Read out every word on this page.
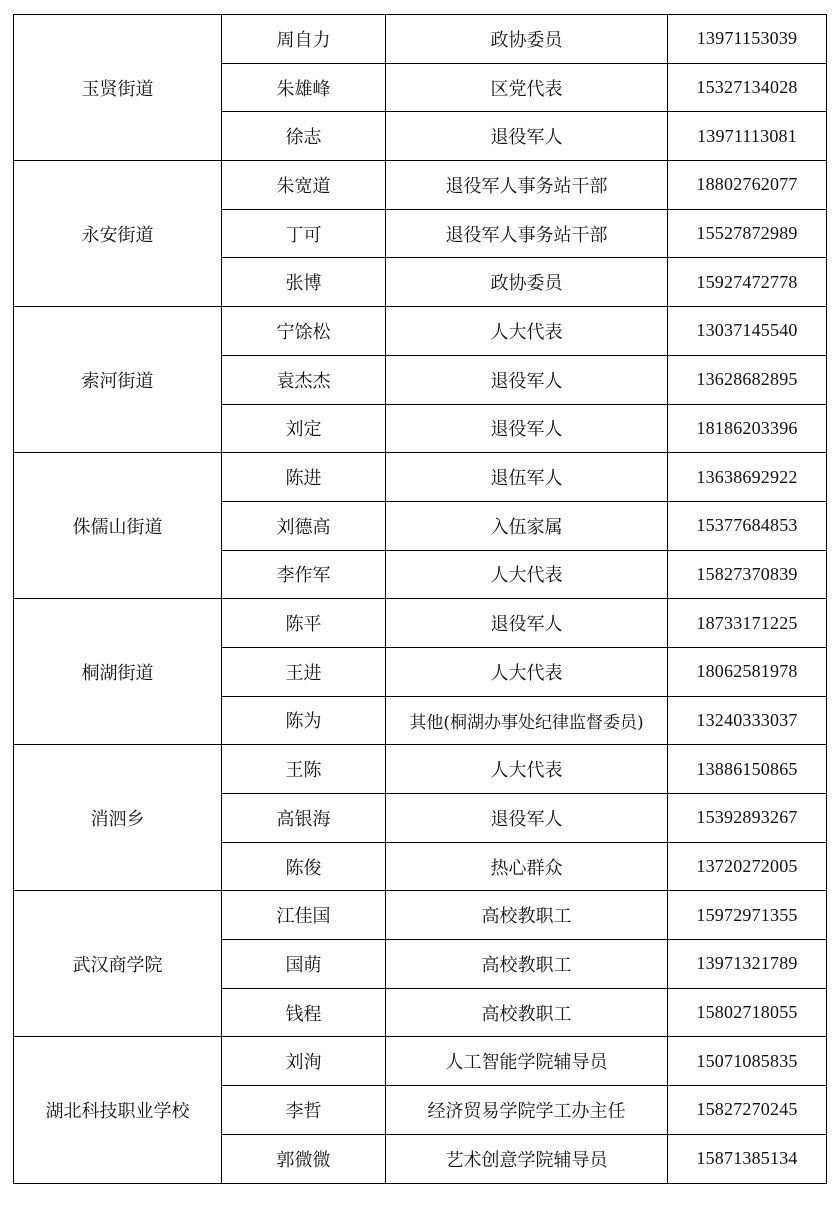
玉贤街道	周自力	政协委员	13971153039
	朱雄峰	区党代表	15327134028
	徐志	退役军人	13971113081
永安街道	朱宽道	退役军人事务站干部	18802762077
	丁可	退役军人事务站干部	15527872989
	张博	政协委员	15927472778
索河街道	宁馀松	人大代表	13037145540
	袁杰杰	退役军人	13628682895
	刘定	退役军人	18186203396
侏儒山街道	陈进	退伍军人	13638692922
	刘德高	入伍家属	15377684853
	李作军	人大代表	15827370839
桐湖街道	陈平	退役军人	18733171225
	王进	人大代表	18062581978
	陈为	其他(桐湖办事处纪律监督委员)	13240333037
消泗乡	王陈	人大代表	13886150865
	高银海	退役军人	15392893267
	陈俊	热心群众	13720272005
武汉商学院	江佳国	高校教职工	15972971355
	国萌	高校教职工	13971321789
	钱程	高校教职工	15802718055
湖北科技职业学校	刘洵	人工智能学院辅导员	15071085835
	李哲	经济贸易学院学工办主任	15827270245
	郭微微	艺术创意学院辅导员	15871385134
